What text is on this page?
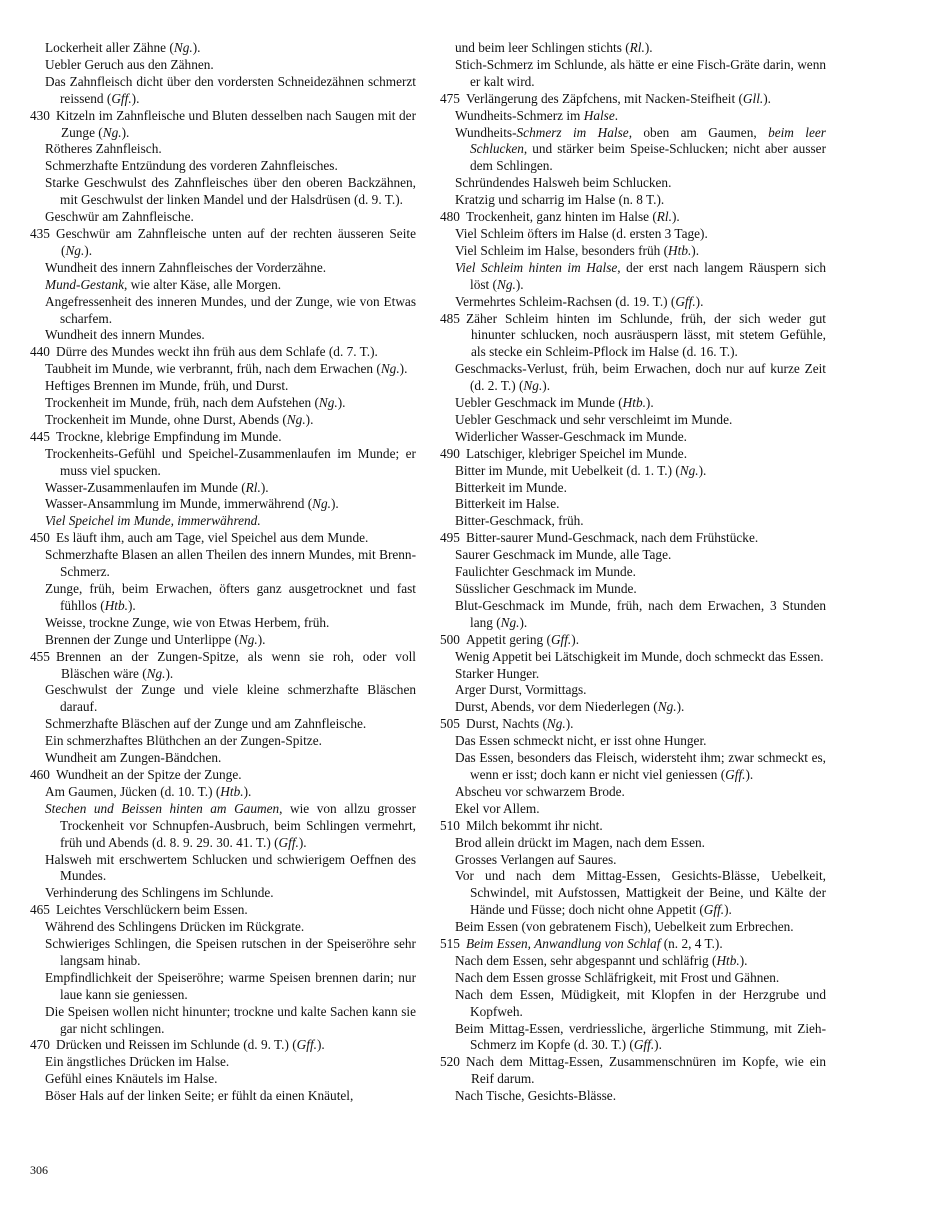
Lockerheit aller Zähne (Ng.).

Uebler Geruch aus den Zähnen.

Das Zahnfleisch dicht über den vordersten Schneidezähnen schmerzt reissend (Gff.).

430 Kitzeln im Zahnfleische und Bluten desselben nach Saugen mit der Zunge (Ng.).

Rötheres Zahnfleisch.

Schmerzhafte Entzündung des vorderen Zahnfleisches.

Starke Geschwulst des Zahnfleisches über den oberen Backzähnen, mit Geschwulst der linken Mandel und der Halsdrüsen (d. 9. T.).

Geschwür am Zahnfleische.

435 Geschwür am Zahnfleische unten auf der rechten äusseren Seite (Ng.).

Wundheit des innern Zahnfleisches der Vorderzähne.

Mund-Gestank, wie alter Käse, alle Morgen.

Angefressenheit des inneren Mundes, und der Zunge, wie von Etwas scharfem.

Wundheit des innern Mundes.

440 Dürre des Mundes weckt ihn früh aus dem Schlafe (d. 7. T.).

Taubheit im Munde, wie verbrannt, früh, nach dem Erwachen (Ng.).

Heftiges Brennen im Munde, früh, und Durst.

Trockenheit im Munde, früh, nach dem Aufstehen (Ng.).

Trockenheit im Munde, ohne Durst, Abends (Ng.).

445 Trockne, klebrige Empfindung im Munde.

Trockenheits-Gefühl und Speichel-Zusammenlaufen im Munde; er muss viel spucken.

Wasser-Zusammenlaufen im Munde (Rl.).

Wasser-Ansammlung im Munde, immerwährend (Ng.).

Viel Speichel im Munde, immerwährend.

450 Es läuft ihm, auch am Tage, viel Speichel aus dem Munde.

Schmerzhafte Blasen an allen Theilen des innern Mundes, mit Brenn-Schmerz.

Zunge, früh, beim Erwachen, öfters ganz ausgetrocknet und fast fühllos (Htb.).

Weisse, trockne Zunge, wie von Etwas Herbem, früh.

Brennen der Zunge und Unterlippe (Ng.).

455 Brennen an der Zungen-Spitze, als wenn sie roh, oder voll Bläschen wäre (Ng.).

Geschwulst der Zunge und viele kleine schmerzhafte Bläschen darauf.

Schmerzhafte Bläschen auf der Zunge und am Zahnfleische.

Ein schmerzhaftes Blüthchen an der Zungen-Spitze.

Wundheit am Zungen-Bändchen.

460 Wundheit an der Spitze der Zunge.

Am Gaumen, Jücken (d. 10. T.) (Htb.).

Stechen und Beissen hinten am Gaumen, wie von allzu grosser Trockenheit vor Schnupfen-Ausbruch, beim Schlingen vermehrt, früh und Abends (d. 8. 9. 29. 30. 41. T.) (Gff.).

Halsweh mit erschwertem Schlucken und schwierigem Oeffnen des Mundes.

Verhinderung des Schlingens im Schlunde.

465 Leichtes Verschlückern beim Essen.

Während des Schlingens Drücken im Rückgrate.

Schwieriges Schlingen, die Speisen rutschen in der Speiseröhre sehr langsam hinab.

Empfindlichkeit der Speiseröhre; warme Speisen brennen darin; nur laue kann sie geniessen.

Die Speisen wollen nicht hinunter; trockne und kalte Sachen kann sie gar nicht schlingen.

470 Drücken und Reissen im Schlunde (d. 9. T.) (Gff.).

Ein ängstliches Drücken im Halse.

Gefühl eines Knäutels im Halse.

Böser Hals auf der linken Seite; er fühlt da einen Knäutel,

und beim leer Schlingen stichts (Rl.).

Stich-Schmerz im Schlunde, als hätte er eine Fisch-Gräte darin, wenn er kalt wird.

475 Verlängerung des Zäpfchens, mit Nacken-Steifheit (Gll.).

Wundheits-Schmerz im Halse.

Wundheits-Schmerz im Halse, oben am Gaumen, beim leer Schlucken, und stärker beim Speise-Schlucken; nicht aber ausser dem Schlingen.

Schründendes Halsweh beim Schlucken.

Kratzig und scharrig im Halse (n. 8 T.).

480 Trockenheit, ganz hinten im Halse (Rl.).

Viel Schleim öfters im Halse (d. ersten 3 Tage).

Viel Schleim im Halse, besonders früh (Htb.).

Viel Schleim hinten im Halse, der erst nach langem Räuspern sich löst (Ng.).

Vermehrtes Schleim-Rachsen (d. 19. T.) (Gff.).

485 Zäher Schleim hinten im Schlunde, früh, der sich weder gut hinunter schlucken, noch ausräuspern lässt, mit stetem Gefühle, als stecke ein Schleim-Pflock im Halse (d. 16. T.).

Geschmacks-Verlust, früh, beim Erwachen, doch nur auf kurze Zeit (d. 2. T.) (Ng.).

Uebler Geschmack im Munde (Htb.).

Uebler Geschmack und sehr verschleimt im Munde.

Widerlicher Wasser-Geschmack im Munde.

490 Latschiger, klebriger Speichel im Munde.

Bitter im Munde, mit Uebelkeit (d. 1. T.) (Ng.).

Bitterkeit im Munde.

Bitterkeit im Halse.

Bitter-Geschmack, früh.

495 Bitter-saurer Mund-Geschmack, nach dem Frühstücke.

Saurer Geschmack im Munde, alle Tage.

Faulichter Geschmack im Munde.

Süsslicher Geschmack im Munde.

Blut-Geschmack im Munde, früh, nach dem Erwachen, 3 Stunden lang (Ng.).

500 Appetit gering (Gff.).

Wenig Appetit bei Lätschigkeit im Munde, doch schmeckt das Essen.

Starker Hunger.

Arger Durst, Vormittags.

Durst, Abends, vor dem Niederlegen (Ng.).

505 Durst, Nachts (Ng.).

Das Essen schmeckt nicht, er isst ohne Hunger.

Das Essen, besonders das Fleisch, widersteht ihm; zwar schmeckt es, wenn er isst; doch kann er nicht viel geniessen (Gff.).

Abscheu vor schwarzem Brode.

Ekel vor Allem.

510 Milch bekommt ihr nicht.

Brod allein drückt im Magen, nach dem Essen.

Grosses Verlangen auf Saures.

Vor und nach dem Mittag-Essen, Gesichts-Blässe, Uebelkeit, Schwindel, mit Aufstossen, Mattigkeit der Beine, und Kälte der Hände und Füsse; doch nicht ohne Appetit (Gff.).

Beim Essen (von gebratenem Fisch), Uebelkeit zum Erbrechen.

515 Beim Essen, Anwandlung von Schlaf (n. 2, 4 T.).

Nach dem Essen, sehr abgespannt und schläfrig (Htb.).

Nach dem Essen grosse Schläfrigkeit, mit Frost und Gähnen.

Nach dem Essen, Müdigkeit, mit Klopfen in der Herzgrube und Kopfweh.

Beim Mittag-Essen, verdriessliche, ärgerliche Stimmung, mit Zieh-Schmerz im Kopfe (d. 30. T.) (Gff.).

520 Nach dem Mittag-Essen, Zusammenschnüren im Kopfe, wie ein Reif darum.

Nach Tische, Gesichts-Blässe.

306
